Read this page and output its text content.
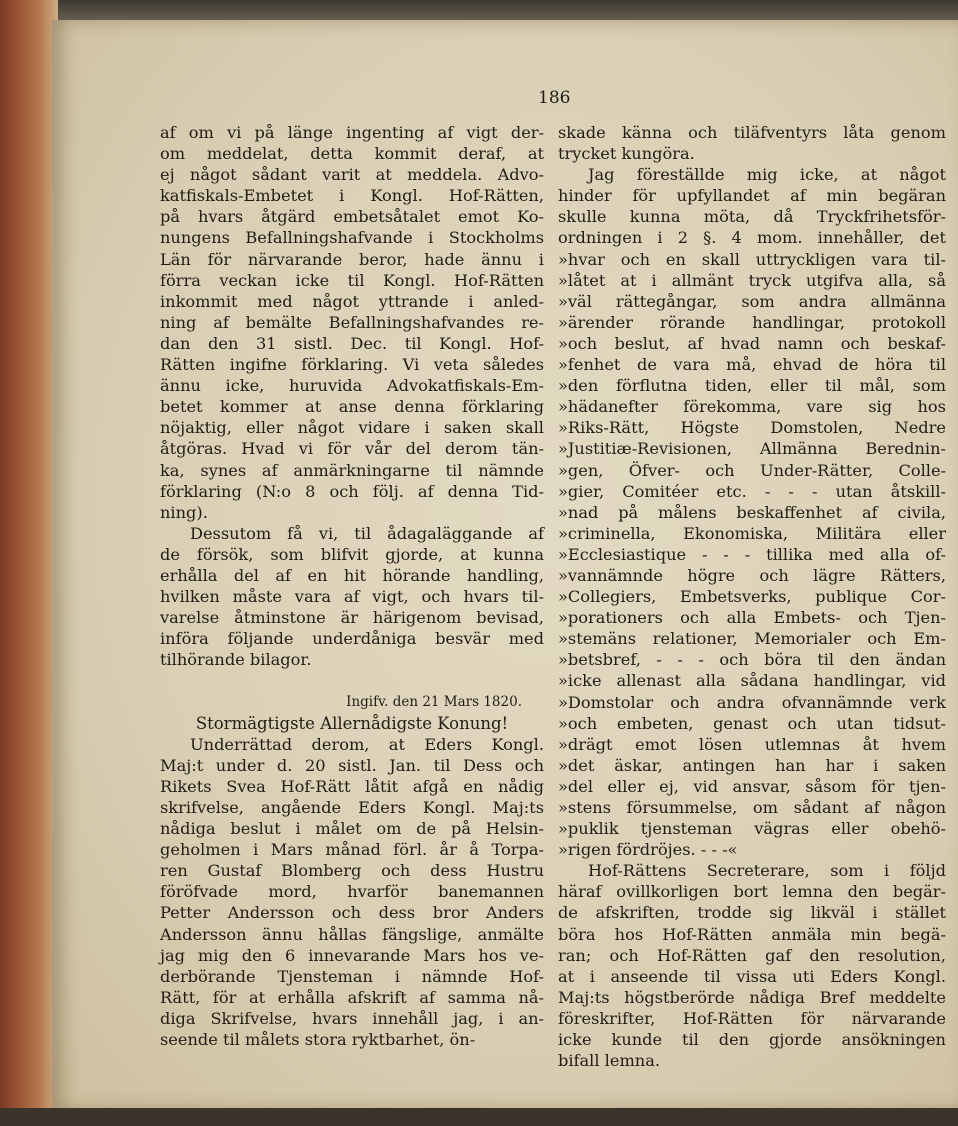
186
af om vi på länge ingenting af vigt der-
om meddelat, detta kommit deraf, at
ej något sådant varit at meddela. Advo-
katfiskals-Embetet i Kongl. Hof-Rätten,
på hvars åtgärd embetsåtalet emot Ko-
nungens Befallningshafvande i Stockholms
Län för närvarande beror, hade ännu i
förra veckan icke til Kongl. Hof-Rätten
inkommit med något yttrande i anled-
ning af bemälte Befallningshafvandes re-
dan den 31 sistl. Dec. til Kongl. Hof-
Rätten ingifne förklaring. Vi veta således
ännu icke, huruvida Advokatfiskals-Em-
betet kommer at anse denna förklaring
nöjaktig, eller något vidare i saken skall
åtgöras. Hvad vi för vår del derom tän-
ka, synes af anmärkningarne til nämnde
förklaring (N:o 8 och följ. af denna Tid-
ning).
Dessutom få vi, til ådagaläggande af
de försök, som blifvit gjorde, at kunna
erhålla del af en hit hörande handling,
hvilken måste vara af vigt, och hvars til-
varelse åtminstone är härigenom bevisad,
införa följande underdåniga besvär med
tilhörande bilagor.
Ingifv. den 21 Mars 1820.
Stormägtigste Allernådigste Konung!
Underrättad derom, at Eders Kongl.
Maj:t under d. 20 sistl. Jan. til Dess och
Rikets Svea Hof-Rätt låtit afgå en nådig
skrifvelse, angående Eders Kongl. Maj:ts
nådiga beslut i målet om de på Helsin-
geholmen i Mars månad förl. år å Torpa-
ren Gustaf Blomberg och dess Hustru
föröfvade mord, hvarför banemannen
Petter Andersson och dess bror Anders
Andersson ännu hållas fängslige, anmälte
jag mig den 6 innevarande Mars hos ve-
derbörande Tjensteman i nämnde Hof-
Rätt, för at erhålla afskrift af samma nå-
diga Skrifvelse, hvars innehåll jag, i an-
seende til målets stora ryktbarhet, ön-
skade känna och tiläfventyrs låta genom
trycket kungöra.
Jag föreställde mig icke, at något
hinder för upfyllandet af min begäran
skulle kunna möta, då Tryckfrihetsför-
ordningen i 2 §. 4 mom. innehåller, det
»hvar och en skall uttryckligen vara til-
»låtet at i allmänt tryck utgifva alla, så
»väl rättegångar, som andra allmänna
»ärender rörande handlingar, protokoll
»och beslut, af hvad namn och beskaf-
»fenhet de vara må, ehvad de höra til
»den förflutna tiden, eller til mål, som
»hädanefter förekomma, vare sig hos
»Riks-Rätt, Högste Domstolen, Nedre
»Justitiæ-Revisionen, Allmänna Berednin-
»gen, Öfver- och Under-Rätter, Colle-
»gier, Comitéer etc. - - - utan åtskill-
»nad på målens beskaffenhet af civila,
»criminella, Ekonomiska, Militära eller
»Ecclesiastique - - - tillika med alla of-
»vannämnde högre och lägre Rätters,
»Collegiers, Embetsverks, publique Cor-
»porationers och alla Embets- och Tjen-
»stemäns relationer, Memorialer och Em-
»betsbref, - - - och böra til den ändan
»icke allenast alla sådana handlingar, vid
»Domstolar och andra ofvannämnde verk
»och embeten, genast och utan tidsut-
»drägt emot lösen utlemnas åt hvem
»det äskar, antingen han har i saken
»del eller ej, vid ansvar, såsom för tjen-
»stens försummelse, om sådant af någon
»puklik tjensteman vägras eller obehö-
»rigen fördröjes. - - -«
Hof-Rättens Secreterare, som i följd
häraf ovillkorligen bort lemna den begär-
de afskriften, trodde sig likväl i stället
böra hos Hof-Rätten anmäla min begä-
ran; och Hof-Rätten gaf den resolution,
at i anseende til vissa uti Eders Kongl.
Maj:ts högstberörde nådiga Bref meddelte
föreskrifter, Hof-Rätten för närvarande
icke kunde til den gjorde ansökningen
bifall lemna.
